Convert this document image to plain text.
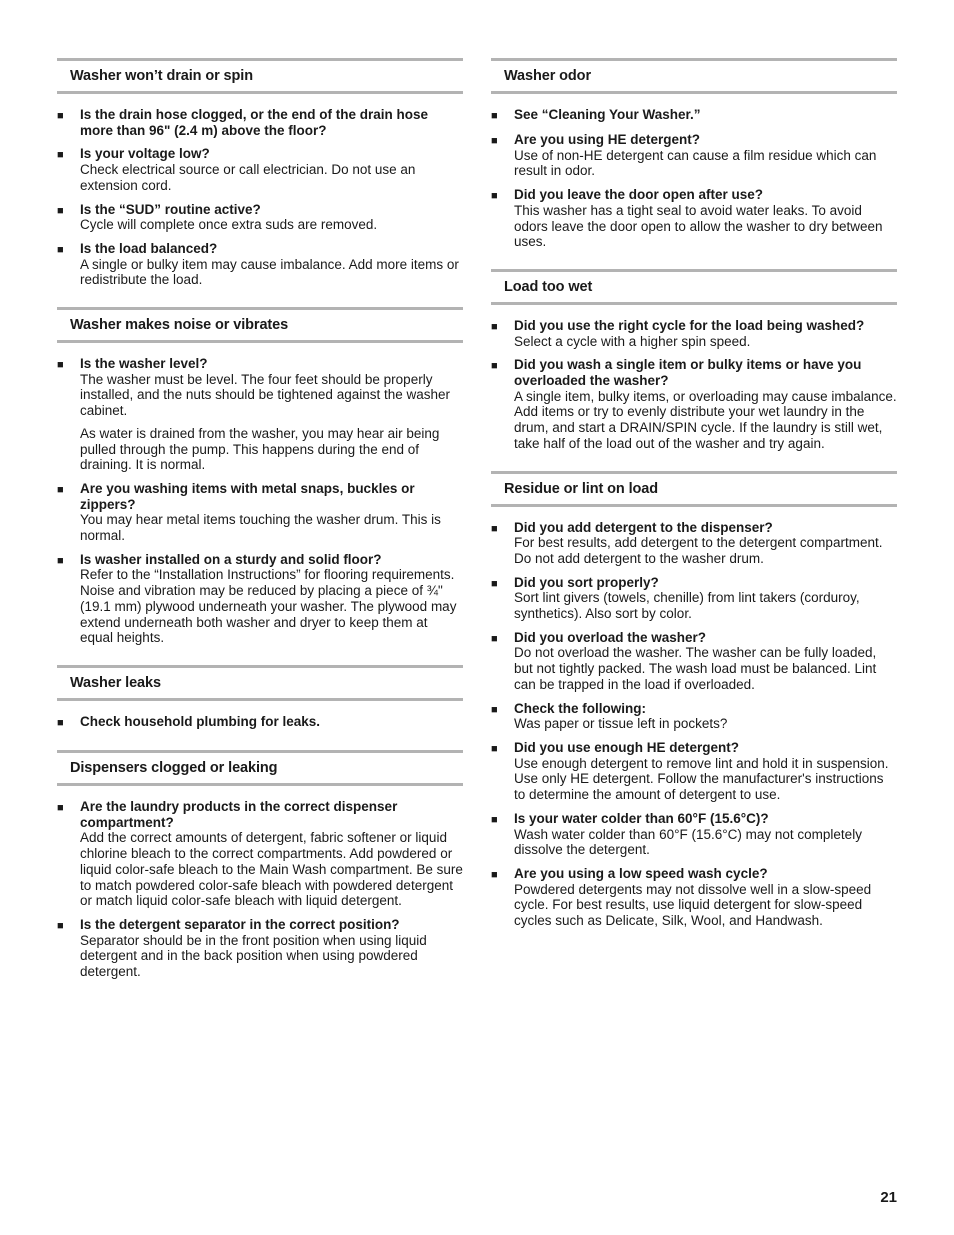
Washer won’t drain or spin
■
Is the drain hose clogged, or the end of the drain hose more than 96" (2.4 m) above the floor?
■
Is your voltage low?
Check electrical source or call electrician. Do not use an extension cord.
■
Is the “SUD” routine active?
Cycle will complete once extra suds are removed.
■
Is the load balanced?
A single or bulky item may cause imbalance. Add more items or redistribute the load.
Washer makes noise or vibrates
■
Is the washer level?
The washer must be level. The four feet should be properly installed, and the nuts should be tightened against the washer cabinet.
As water is drained from the washer, you may hear air being pulled through the pump. This happens during the end of draining. It is normal.
■
Are you washing items with metal snaps, buckles or zippers?
You may hear metal items touching the washer drum. This is normal.
■
Is washer installed on a sturdy and solid floor?
Refer to the “Installation Instructions” for flooring requirements. Noise and vibration may be reduced by placing a piece of ¾" (19.1 mm) plywood underneath your washer. The plywood may extend underneath both washer and dryer to keep them at equal heights.
Washer leaks
■
Check household plumbing for leaks.
Dispensers clogged or leaking
■
Are the laundry products in the correct dispenser compartment?
Add the correct amounts of detergent, fabric softener or liquid chlorine bleach to the correct compartments. Add powdered or liquid color-safe bleach to the Main Wash compartment. Be sure to match powdered color-safe bleach with powdered detergent or match liquid color-safe bleach with liquid detergent.
■
Is the detergent separator in the correct position?
Separator should be in the front position when using liquid detergent and in the back position when using powdered detergent.
Washer odor
■
See “Cleaning Your Washer.”
■
Are you using HE detergent?
Use of non-HE detergent can cause a film residue which can result in odor.
■
Did you leave the door open after use?
This washer has a tight seal to avoid water leaks. To avoid odors leave the door open to allow the washer to dry between uses.
Load too wet
■
Did you use the right cycle for the load being washed?
Select a cycle with a higher spin speed.
■
Did you wash a single item or bulky items or have you overloaded the washer?
A single item, bulky items, or overloading may cause imbalance. Add items or try to evenly distribute your wet laundry in the drum, and start a DRAIN/SPIN cycle. If the laundry is still wet, take half of the load out of the washer and try again.
Residue or lint on load
■
Did you add detergent to the dispenser?
For best results, add detergent to the detergent compartment. Do not add detergent to the washer drum.
■
Did you sort properly?
Sort lint givers (towels, chenille) from lint takers (corduroy, synthetics). Also sort by color.
■
Did you overload the washer?
Do not overload the washer. The washer can be fully loaded, but not tightly packed. The wash load must be balanced. Lint can be trapped in the load if overloaded.
■
Check the following:
Was paper or tissue left in pockets?
■
Did you use enough HE detergent?
Use enough detergent to remove lint and hold it in suspension. Use only HE detergent. Follow the manufacturer's instructions to determine the amount of detergent to use.
■
Is your water colder than 60°F (15.6°C)?
Wash water colder than 60°F (15.6°C) may not completely dissolve the detergent.
■
Are you using a low speed wash cycle?
Powdered detergents may not dissolve well in a slow-speed cycle. For best results, use liquid detergent for slow-speed cycles such as Delicate, Silk, Wool, and Handwash.
21
